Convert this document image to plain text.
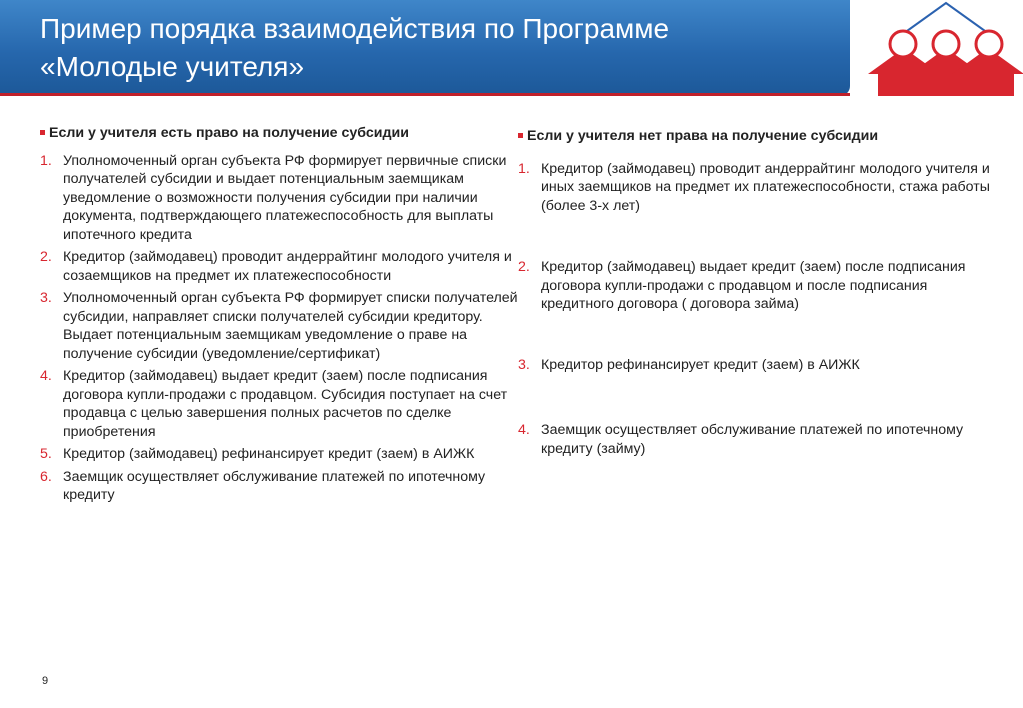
Пример порядка взаимодействия по Программе
«Молодые учителя»
Если у учителя есть право на получение субсидии
1. Уполномоченный орган субъекта РФ формирует первичные списки получателей субсидии и выдает потенциальным заемщикам уведомление о возможности получения субсидии при наличии документа, подтверждающего платежеспособность для выплаты ипотечного кредита
2. Кредитор (займодавец) проводит андеррайтинг молодого учителя и созаемщиков на предмет их платежеспособности
3. Уполномоченный орган субъекта РФ формирует списки получателей субсидии, направляет списки получателей субсидии кредитору. Выдает потенциальным заемщикам уведомление о праве на получение субсидии (уведомление/сертификат)
4. Кредитор (займодавец) выдает кредит (заем) после подписания договора купли-продажи с продавцом. Субсидия поступает на счет продавца с целью завершения полных расчетов по сделке приобретения
5. Кредитор (займодавец) рефинансирует кредит (заем) в АИЖК
6. Заемщик осуществляет обслуживание платежей по ипотечному кредиту
Если у учителя нет права на получение субсидии
1. Кредитор (займодавец) проводит андеррайтинг молодого учителя и иных заемщиков на предмет их платежеспособности, стажа работы (более 3-х лет)
2. Кредитор (займодавец) выдает кредит (заем) после подписания договора купли-продажи с продавцом и после подписания кредитного договора ( договора займа)
3. Кредитор рефинансирует кредит (заем) в АИЖК
4. Заемщик осуществляет обслуживание платежей по ипотечному кредиту (займу)
9
